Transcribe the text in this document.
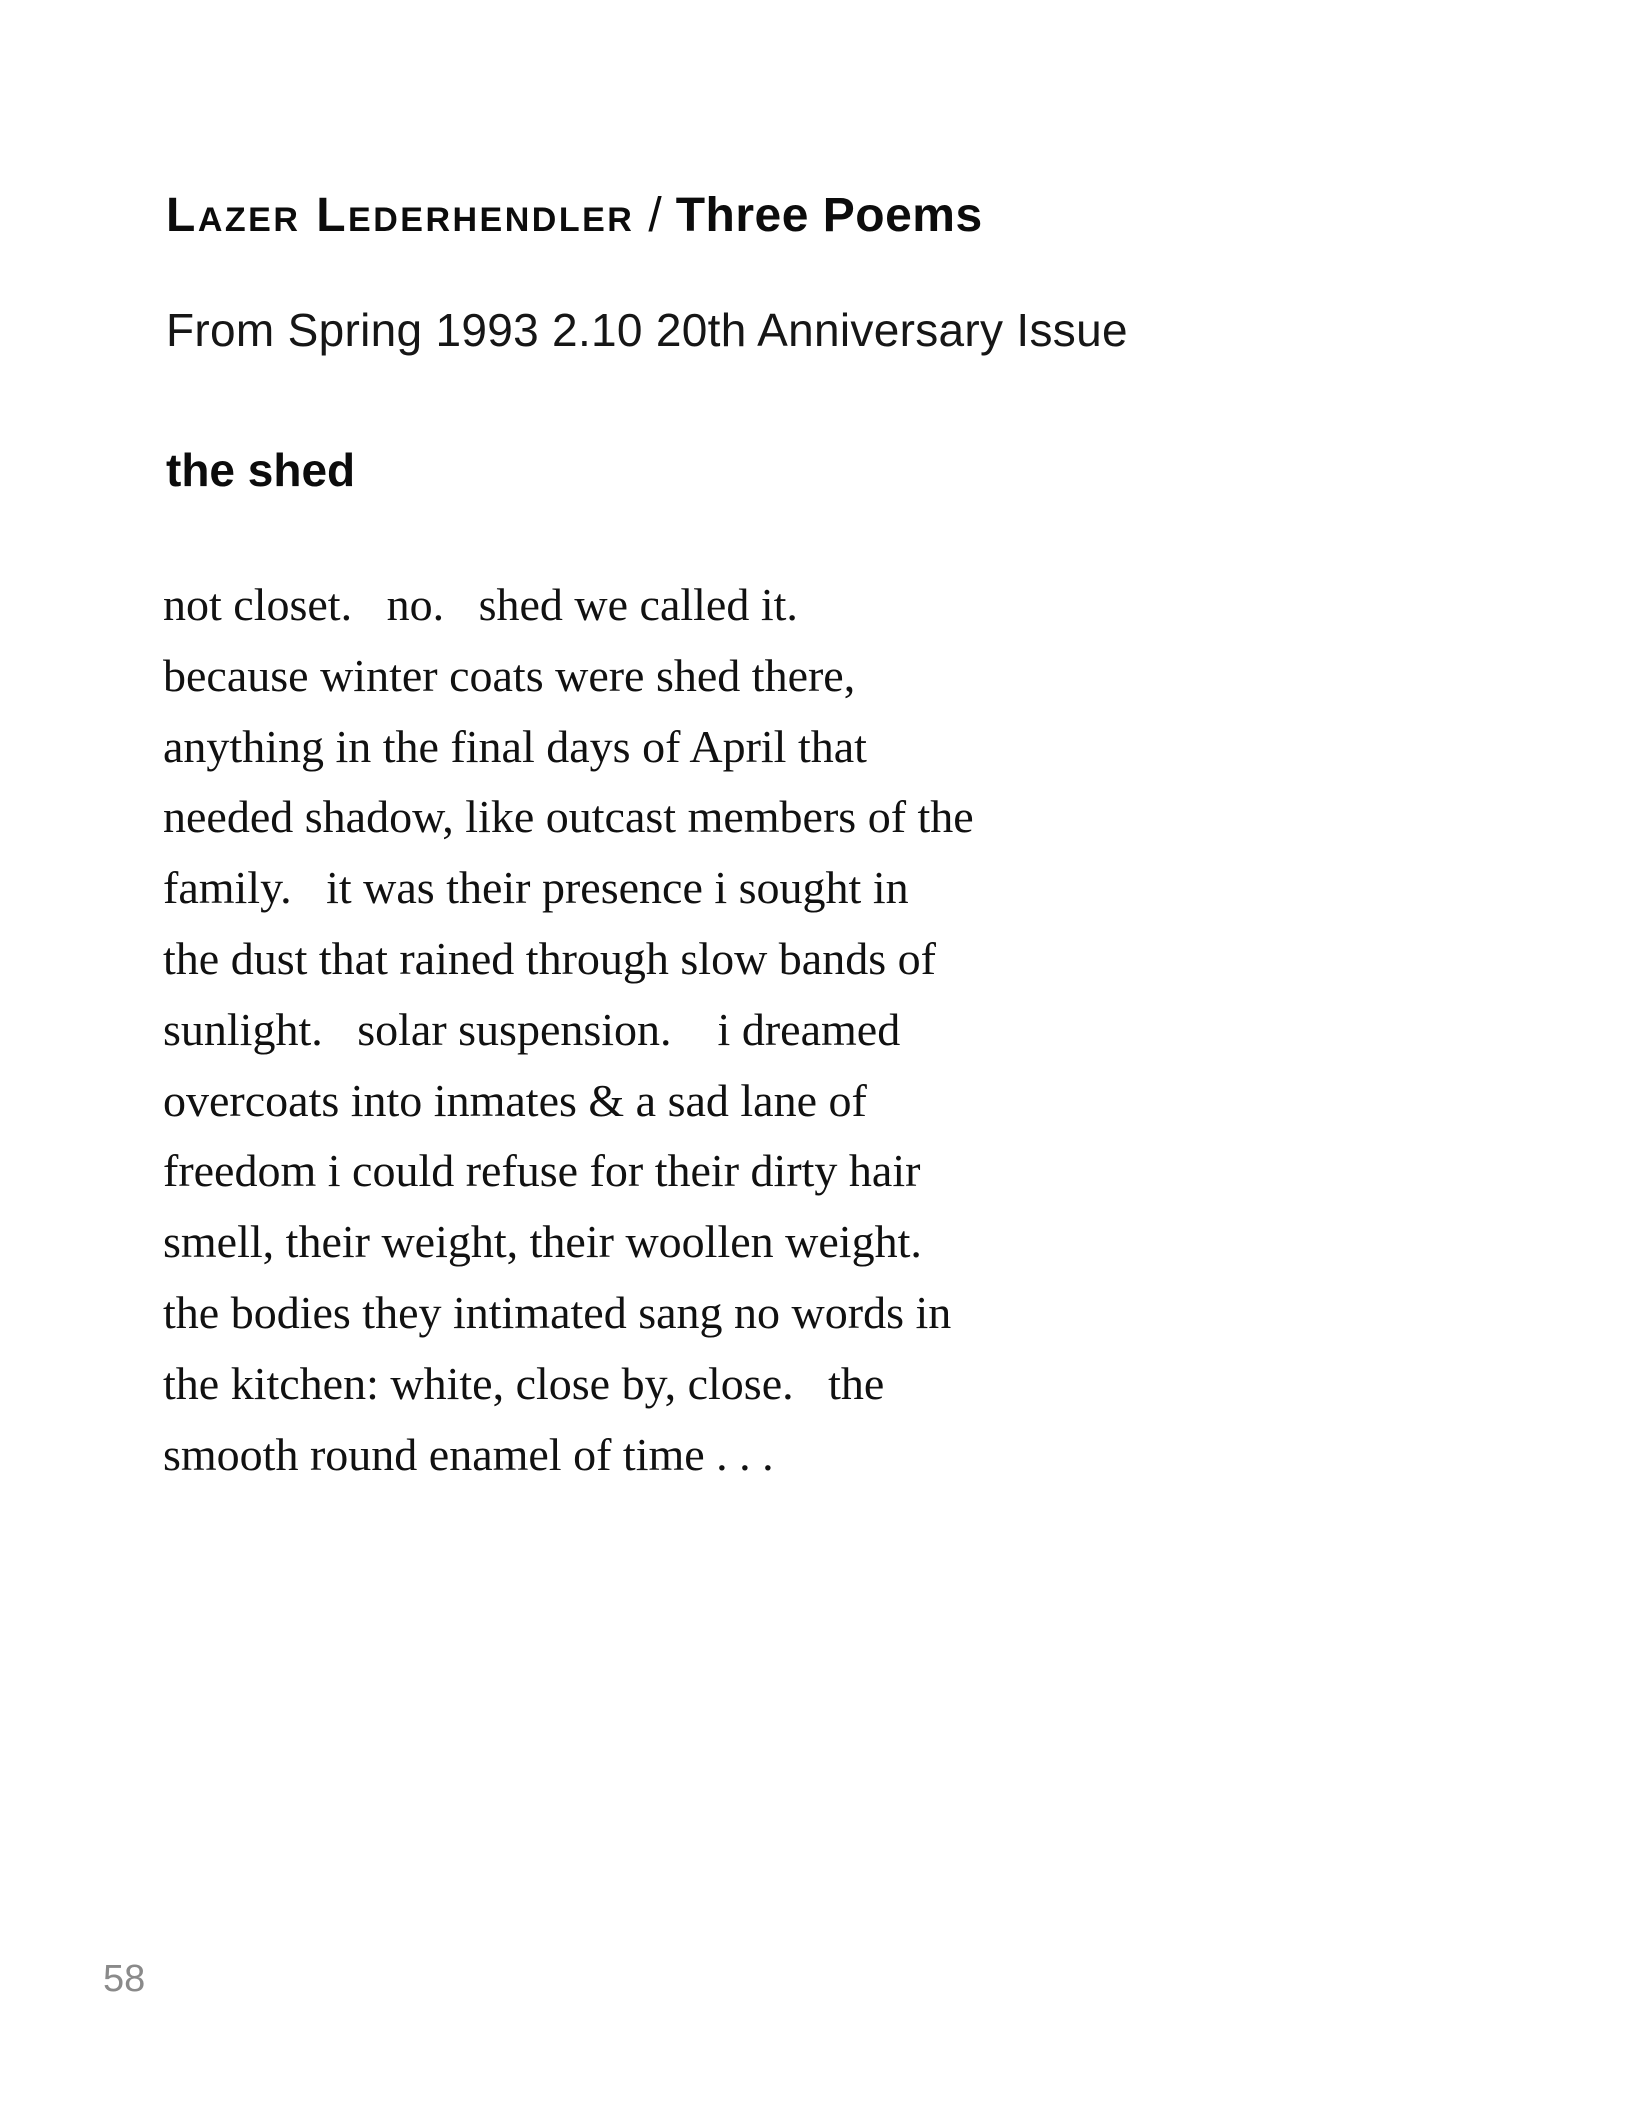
Lazer Lederhendler / Three Poems

From Spring 1993 2.10 20th Anniversary Issue

the shed
not closet.   no.   shed we called it.
because winter coats were shed there,
anything in the final days of April that
needed shadow, like outcast members of the
family.   it was their presence i sought in
the dust that rained through slow bands of
sunlight.   solar suspension.    i dreamed
overcoats into inmates & a sad lane of
freedom i could refuse for their dirty hair
smell, their weight, their woollen weight.
the bodies they intimated sang no words in
the kitchen: white, close by, close.   the
smooth round enamel of time . . .
58
